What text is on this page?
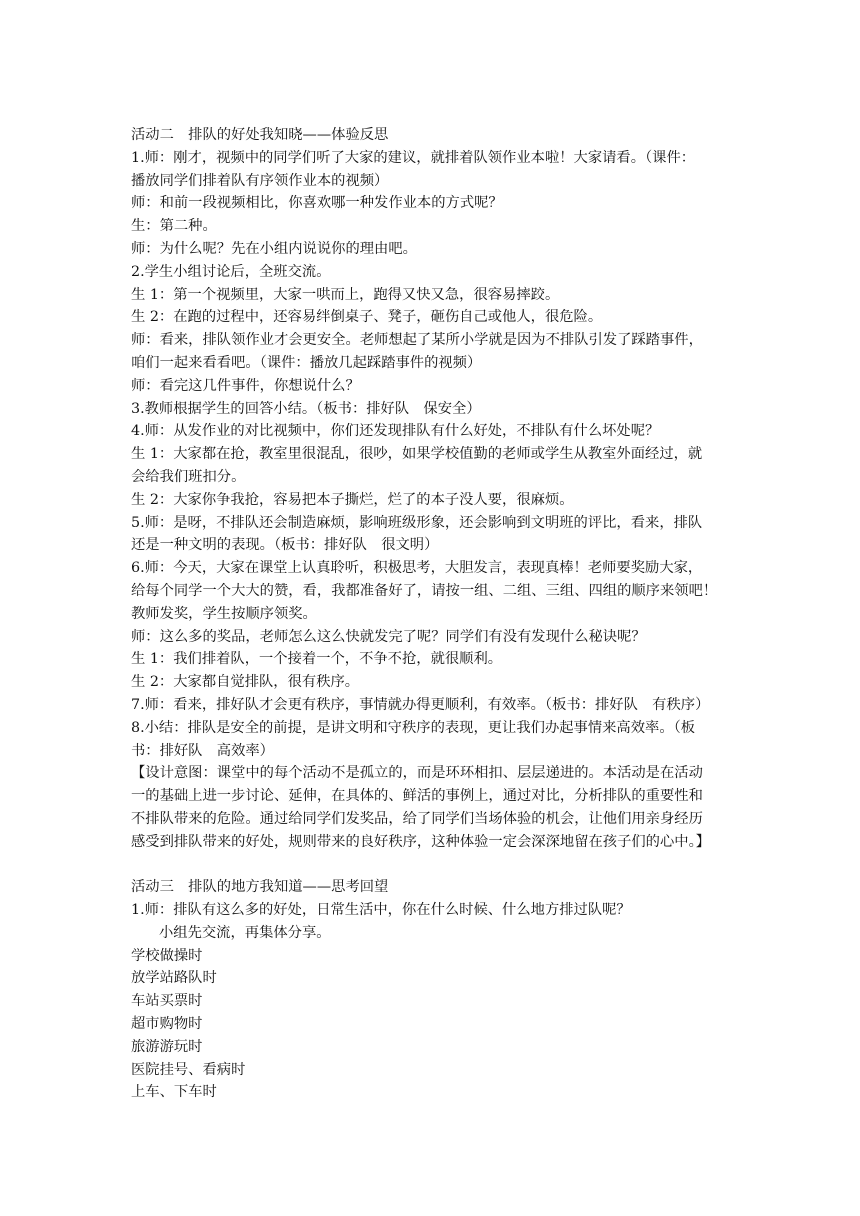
活动二　排队的好处我知晓——体验反思

1.师：刚才，视频中的同学们听了大家的建议，就排着队领作业本啦！大家请看。（课件：

播放同学们排着队有序领作业本的视频）

师：和前一段视频相比，你喜欢哪一种发作业本的方式呢？

生：第二种。

师：为什么呢？先在小组内说说你的理由吧。

2.学生小组讨论后，全班交流。

生 1：第一个视频里，大家一哄而上，跑得又快又急，很容易摔跤。

生 2：在跑的过程中，还容易绊倒桌子、凳子，砸伤自己或他人，很危险。

师：看来，排队领作业才会更安全。老师想起了某所小学就是因为不排队引发了踩踏事件，

咱们一起来看看吧。（课件：播放几起踩踏事件的视频）

师：看完这几件事件，你想说什么？

3.教师根据学生的回答小结。（板书：排好队　保安全）

4.师：从发作业的对比视频中，你们还发现排队有什么好处，不排队有什么坏处呢？

生 1：大家都在抢，教室里很混乱，很吵，如果学校值勤的老师或学生从教室外面经过，就

会给我们班扣分。

生 2：大家你争我抢，容易把本子撕烂，烂了的本子没人要，很麻烦。

5.师：是呀，不排队还会制造麻烦，影响班级形象，还会影响到文明班的评比，看来，排队

还是一种文明的表现。（板书：排好队　很文明）

6.师：今天，大家在课堂上认真聆听，积极思考，大胆发言，表现真棒！老师要奖励大家，

给每个同学一个大大的赞，看，我都准备好了，请按一组、二组、三组、四组的顺序来领吧！

教师发奖，学生按顺序领奖。

师：这么多的奖品，老师怎么这么快就发完了呢？同学们有没有发现什么秘诀呢？

生 1：我们排着队，一个接着一个，不争不抢，就很顺利。

生 2：大家都自觉排队，很有秩序。

7.师：看来，排好队才会更有秩序，事情就办得更顺利，有效率。（板书：排好队　有秩序）

8.小结：排队是安全的前提，是讲文明和守秩序的表现，更让我们办起事情来高效率。（板

书：排好队　高效率）

【设计意图：课堂中的每个活动不是孤立的，而是环环相扣、层层递进的。本活动是在活动

一的基础上进一步讨论、延伸，在具体的、鲜活的事例上，通过对比，分析排队的重要性和

不排队带来的危险。通过给同学们发奖品，给了同学们当场体验的机会，让他们用亲身经历

感受到排队带来的好处，规则带来的良好秩序，这种体验一定会深深地留在孩子们的心中。】

活动三　排队的地方我知道——思考回望

1.师：排队有这么多的好处，日常生活中，你在什么时候、什么地方排过队呢？

小组先交流，再集体分享。

学校做操时

放学站路队时

车站买票时

超市购物时

旅游游玩时

医院挂号、看病时

上车、下车时
